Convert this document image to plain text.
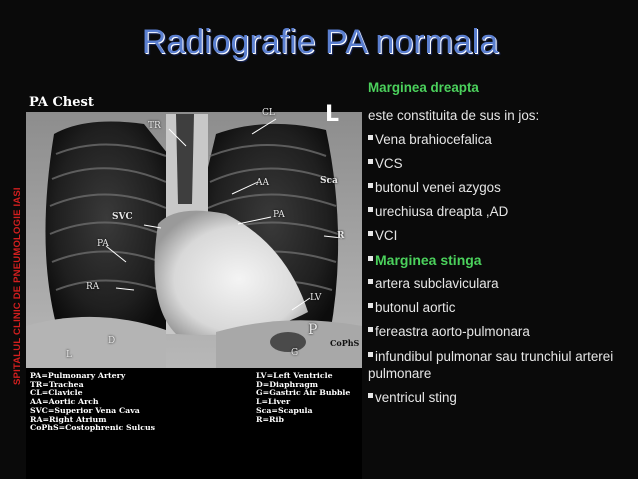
SPITALUL CLINIC DE PNEUMOLOGIE IASI
Radiografie PA normala
PA Chest	L
TR
CL
AA	Sca
SVC	PA
PA
R
RA
LV
P
CoPhS
D
G
L
PA=Pulmonary Artery
TR=Trachea
CL=Clavicle
AA=Aortic Arch
SVC=Superior Vena Cava
RA=Right Atrium
CoPhS=Costophrenic Sulcus
LV=Left Ventricle
D=Diaphragm
G=Gastric Air Bubble
L=Liver
Sca=Scapula
R=Rib
Marginea dreapta
este constituita de sus in jos:
Vena brahiocefalica
VCS
butonul venei azygos
urechiusa dreapta ,AD
VCI
Marginea stinga
artera subclaviculara
butonul aortic
fereastra aorto-pulmonara
infundibul pulmonar sau trunchiul arterei pulmonare
ventricul sting
